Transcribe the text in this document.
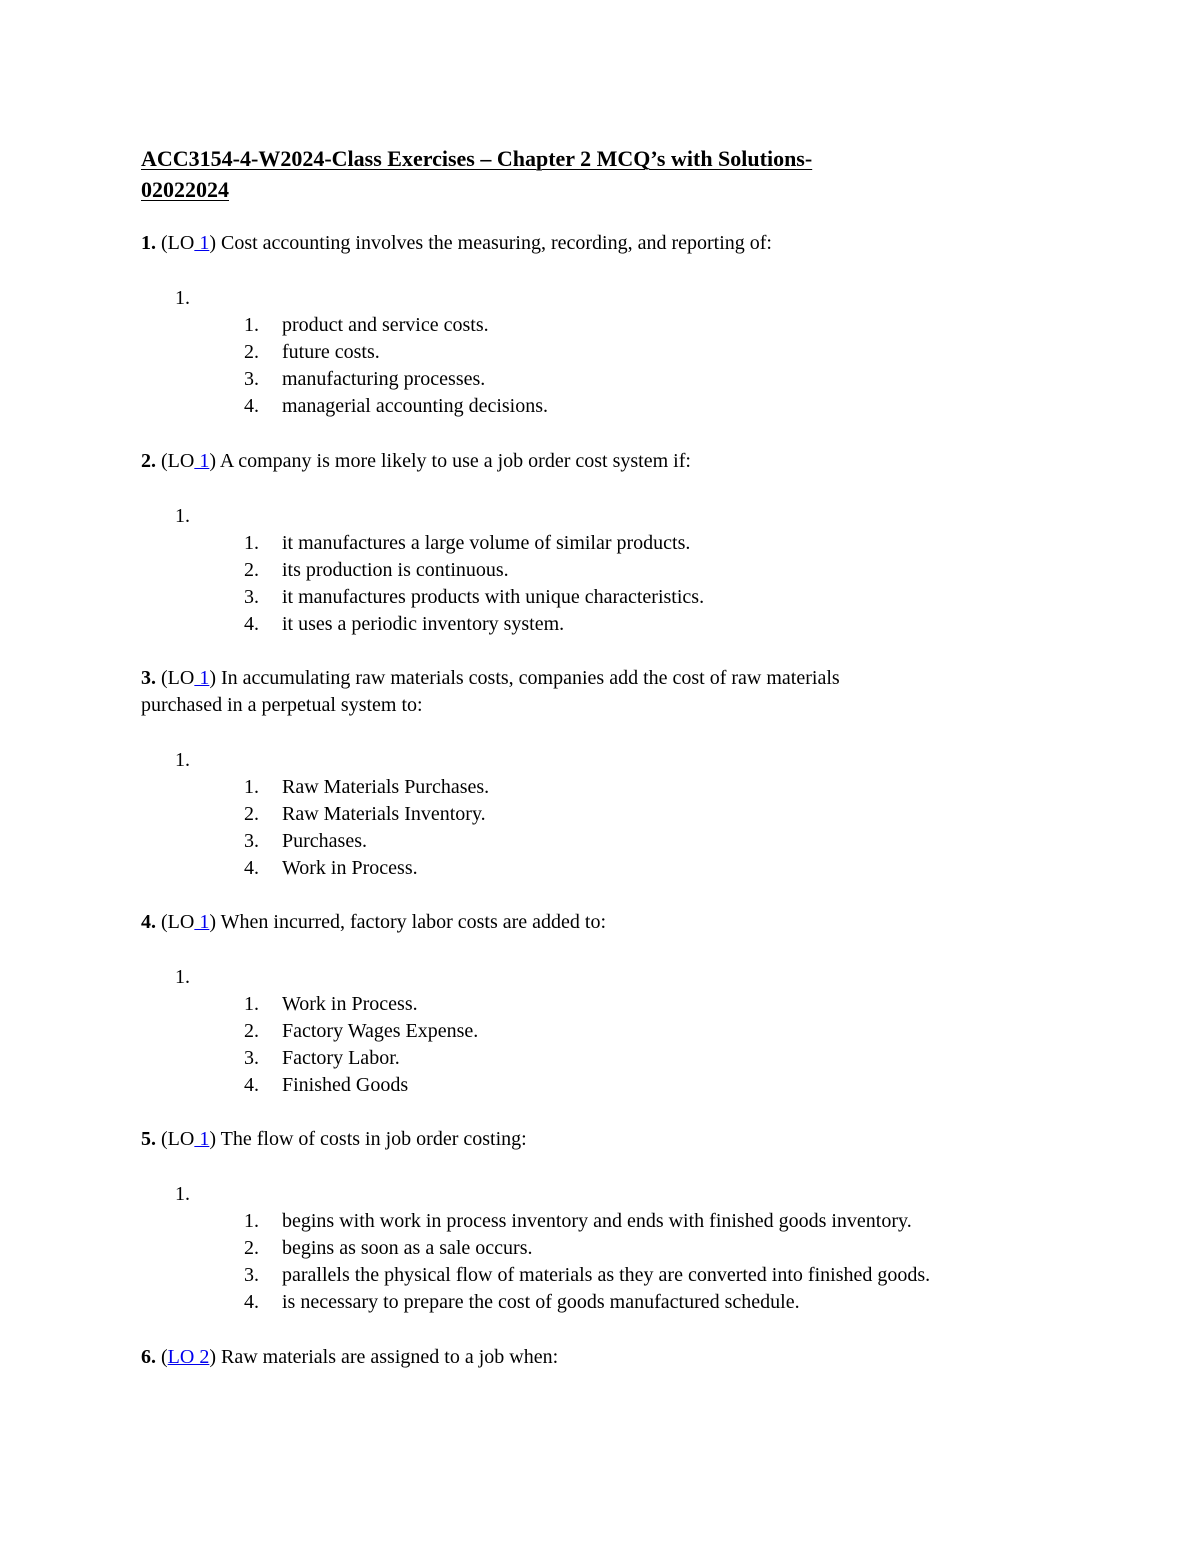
ACC3154-4-W2024-Class Exercises – Chapter 2 MCQ’s with Solutions-
02022024
1. (LO 1) Cost accounting involves the measuring, recording, and reporting of:
1.
1. product and service costs.
2. future costs.
3. manufacturing processes.
4. managerial accounting decisions.
2. (LO 1) A company is more likely to use a job order cost system if:
1.
1. it manufactures a large volume of similar products.
2. its production is continuous.
3. it manufactures products with unique characteristics.
4. it uses a periodic inventory system.
3. (LO 1) In accumulating raw materials costs, companies add the cost of raw materials
purchased in a perpetual system to:
1.
1. Raw Materials Purchases.
2. Raw Materials Inventory.
3. Purchases.
4. Work in Process.
4. (LO 1) When incurred, factory labor costs are added to:
1.
1. Work in Process.
2. Factory Wages Expense.
3. Factory Labor.
4. Finished Goods
5. (LO 1) The flow of costs in job order costing:
1.
1. begins with work in process inventory and ends with finished goods inventory.
2. begins as soon as a sale occurs.
3. parallels the physical flow of materials as they are converted into finished goods.
4. is necessary to prepare the cost of goods manufactured schedule.
6. (LO 2) Raw materials are assigned to a job when:
